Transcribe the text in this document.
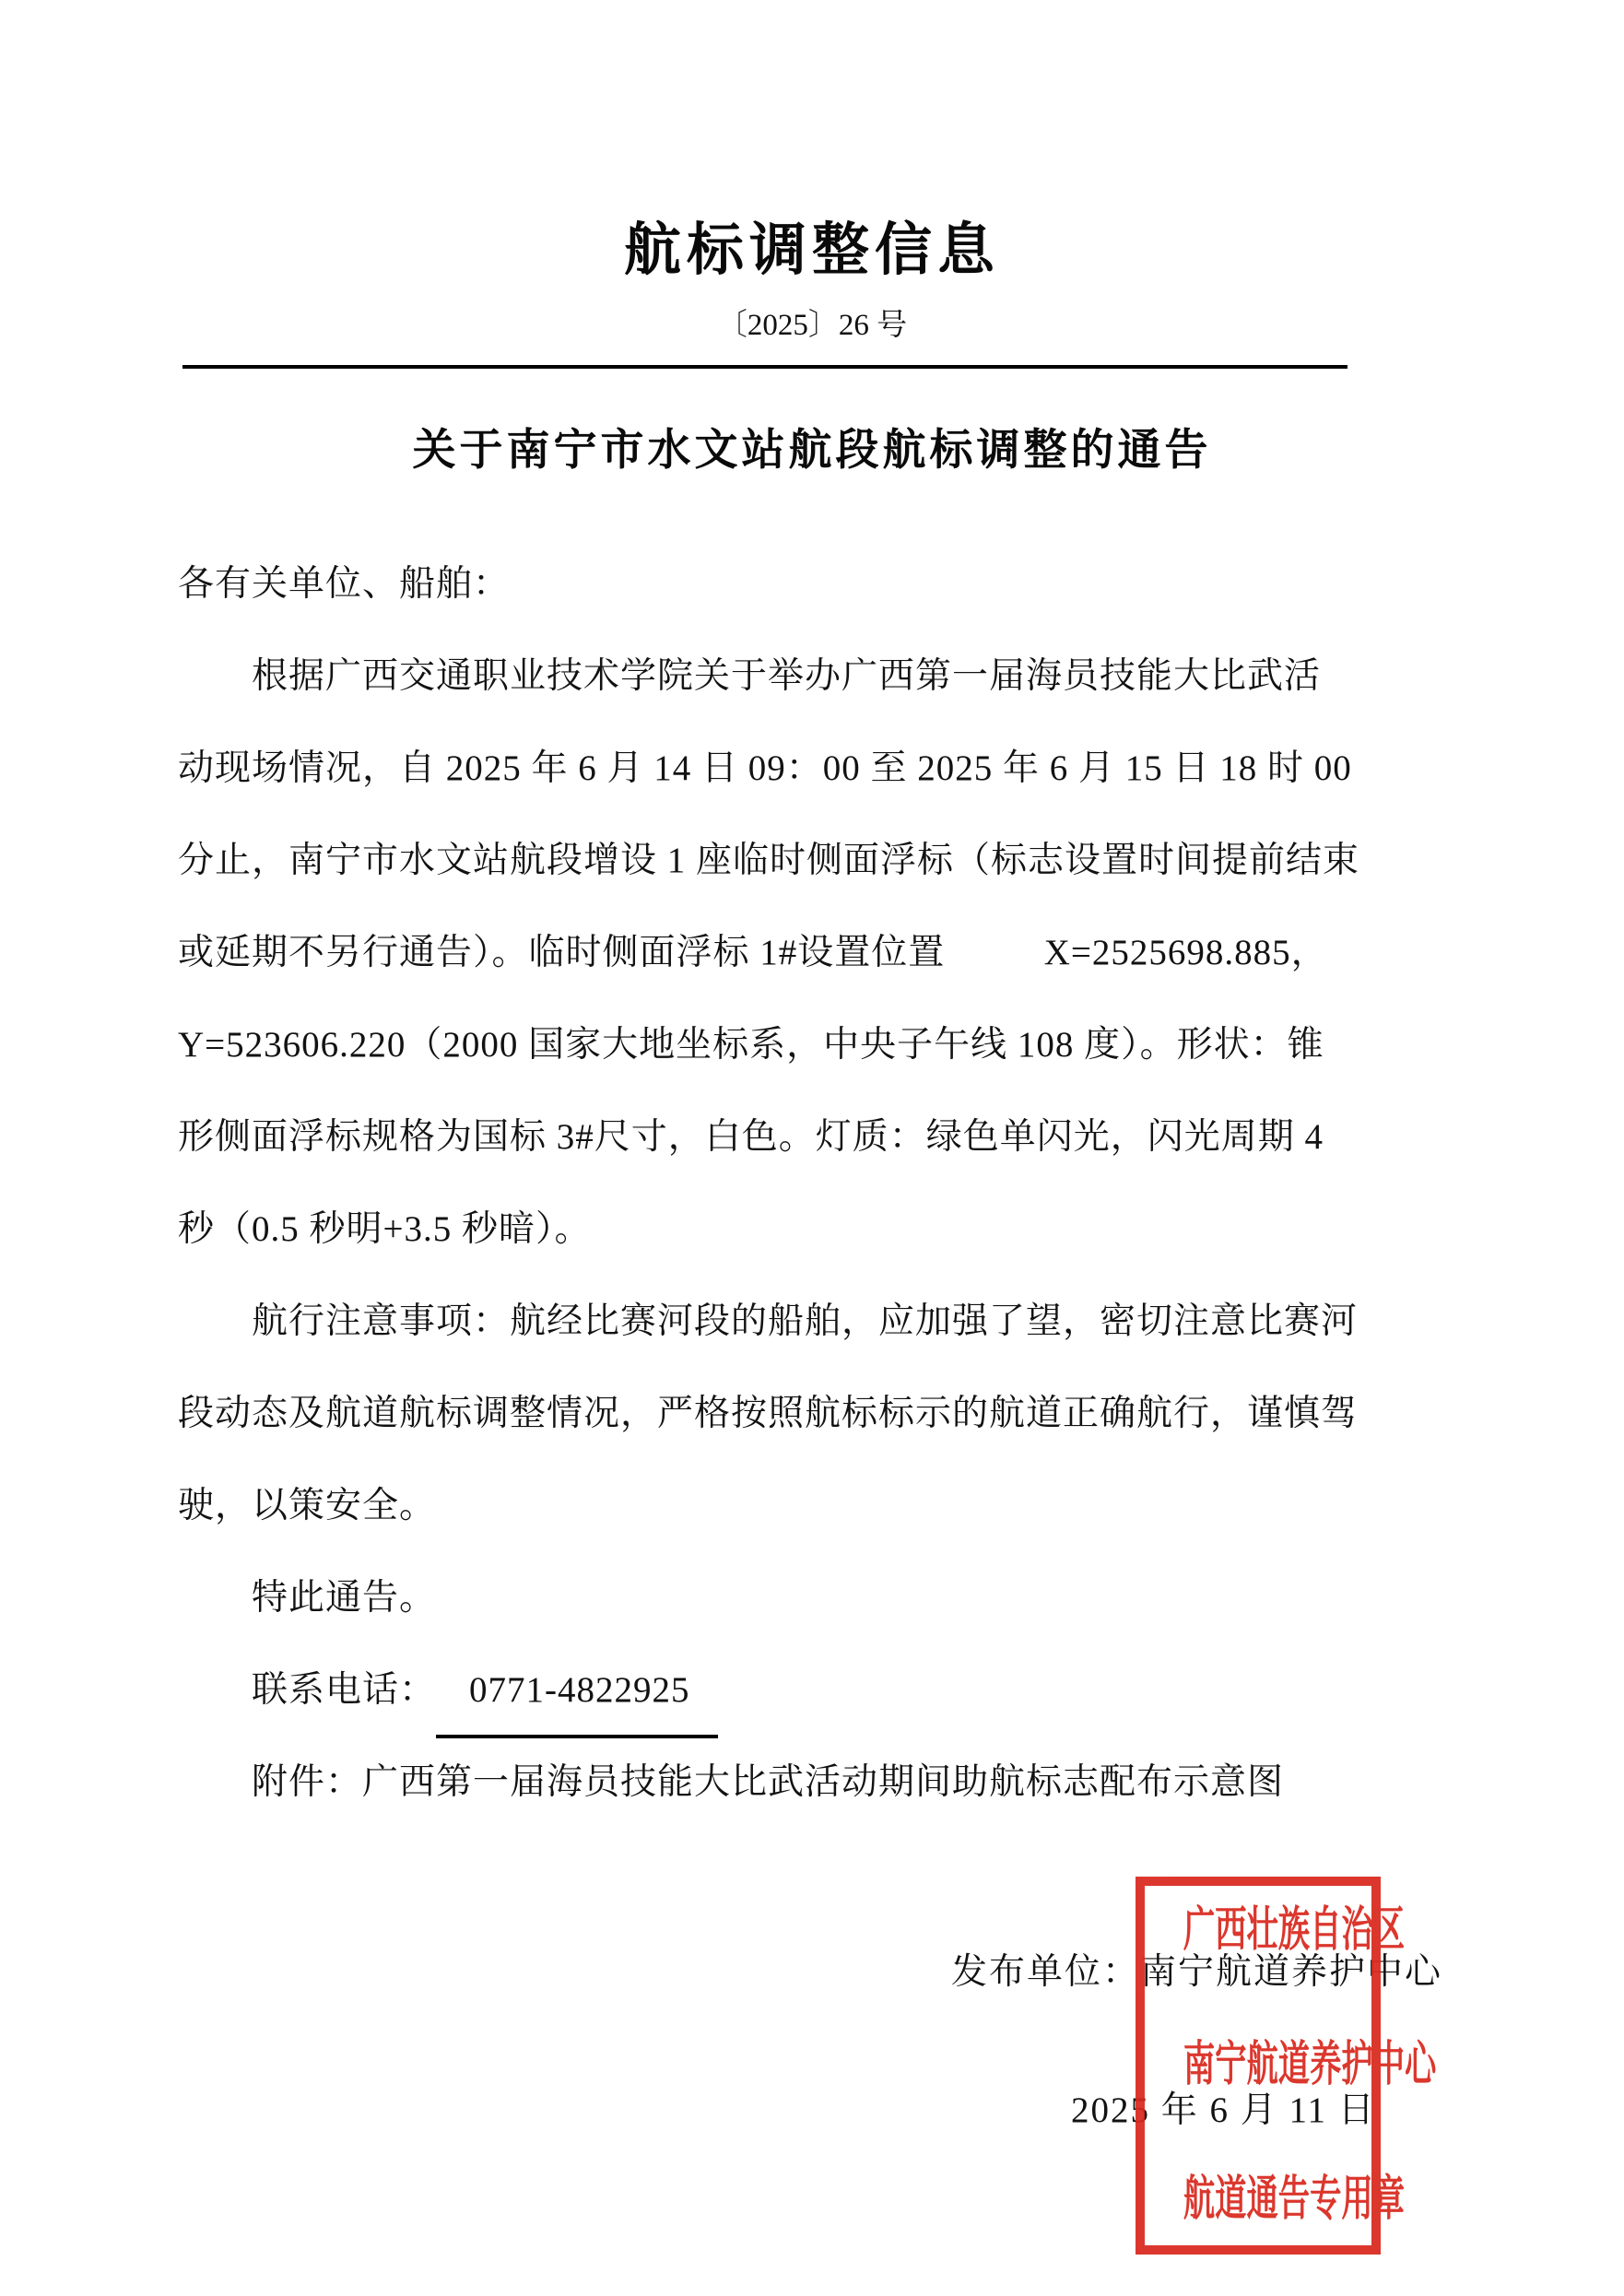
航标调整信息
〔2025〕26 号
关于南宁市水文站航段航标调整的通告
各有关单位、船舶：
　　根据广西交通职业技术学院关于举办广西第一届海员技能大比武活
动现场情况，自 2025 年 6 月 14 日 09：00 至 2025 年 6 月 15 日 18 时 00
分止，南宁市水文站航段增设 1 座临时侧面浮标（标志设置时间提前结束
或延期不另行通告）。临时侧面浮标 1#设置位置          X=2525698.885，
Y=523606.220（2000 国家大地坐标系，中央子午线 108 度）。形状：锥
形侧面浮标规格为国标 3#尺寸，白色。灯质：绿色单闪光，闪光周期 4
秒（0.5 秒明+3.5 秒暗）。
　　航行注意事项：航经比赛河段的船舶，应加强了望，密切注意比赛河
段动态及航道航标调整情况，严格按照航标标示的航道正确航行，谨慎驾
驶，以策安全。
　　特此通告。
　　联系电话： 0771-4822925
　　附件：广西第一届海员技能大比武活动期间助航标志配布示意图
发布单位：南宁航道养护中心
2025 年 6 月 11 日
广西壮族自治区
南宁航道养护中心
航道通告专用章
